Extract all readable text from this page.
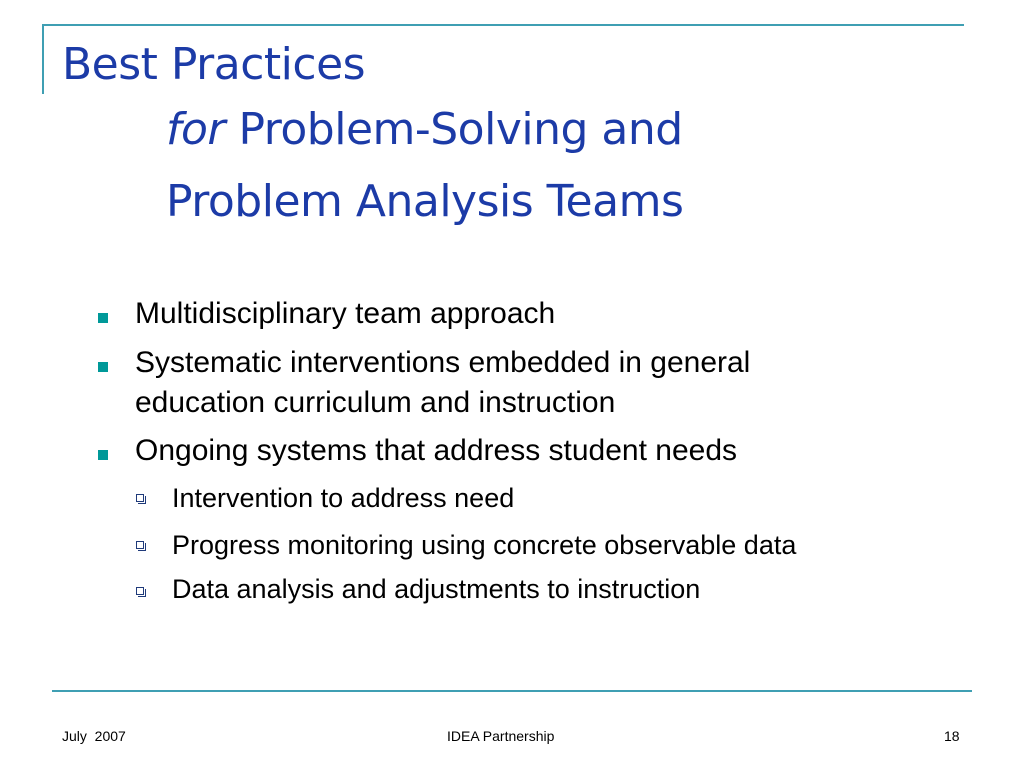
Best Practices
for Problem-Solving and
Problem Analysis Teams
Multidisciplinary team approach
Systematic interventions embedded in general
education curriculum and instruction
Ongoing systems that address student needs
Intervention to address need
Progress monitoring using concrete observable data
Data analysis and adjustments to instruction
July  2007	IDEA Partnership	18
